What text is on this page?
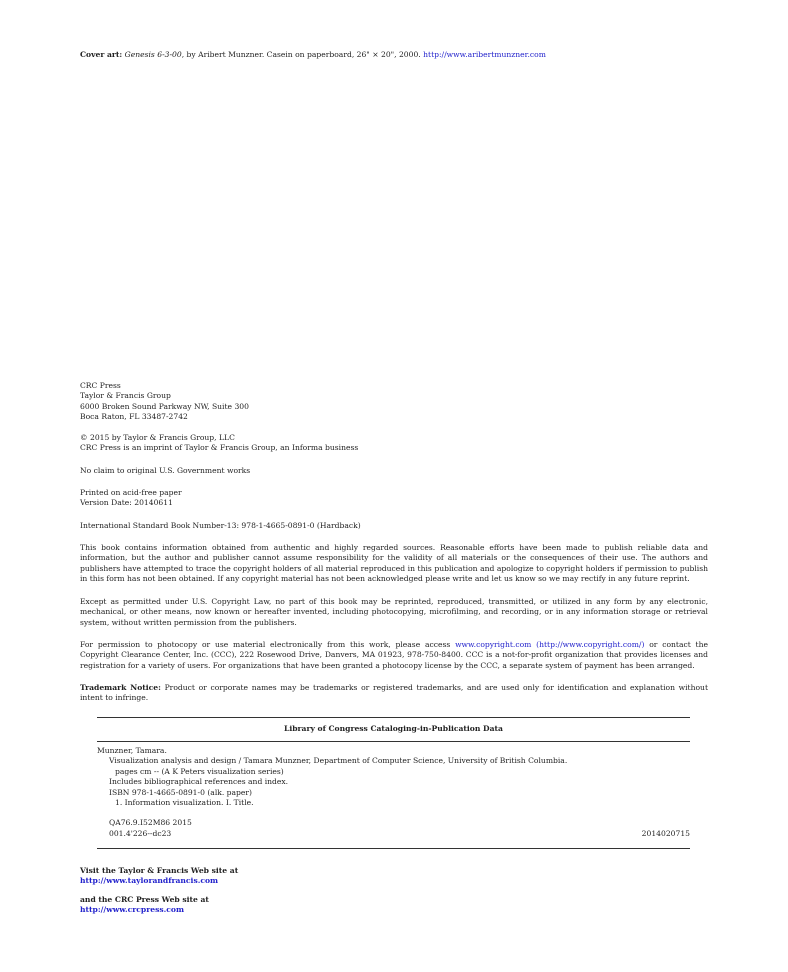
Cover art: Genesis 6-3-00, by Aribert Munzner. Casein on paperboard, 26" × 20", 2000. http://www.aribertmunzner.com

CRC Press

Taylor & Francis Group

6000 Broken Sound Parkway NW, Suite 300

Boca Raton, FL 33487-2742

© 2015 by Taylor & Francis Group, LLC

CRC Press is an imprint of Taylor & Francis Group, an Informa business

No claim to original U.S. Government works

Printed on acid-free paper

Version Date: 20140611

International Standard Book Number-13: 978-1-4665-0891-0 (Hardback)

This book contains information obtained from authentic and highly regarded sources. Reasonable efforts have been made to publish reliable data and information, but the author and publisher cannot assume responsibility for the validity of all materials or the consequences of their use. The authors and publishers have attempted to trace the copyright holders of all material reproduced in this publication and apologize to copyright holders if permission to publish in this form has not been obtained. If any copyright material has not been acknowledged please write and let us know so we may rectify in any future reprint.

Except as permitted under U.S. Copyright Law, no part of this book may be reprinted, reproduced, transmitted, or utilized in any form by any electronic, mechanical, or other means, now known or hereafter invented, including photocopying, microfilming, and recording, or in any information storage or retrieval system, without written permission from the publishers.

For permission to photocopy or use material electronically from this work, please access www.copyright.com (http://www.copyright.com/) or contact the Copyright Clearance Center, Inc. (CCC), 222 Rosewood Drive, Danvers, MA 01923, 978-750-8400. CCC is a not-for-profit organization that provides licenses and registration for a variety of users. For organizations that have been granted a photocopy license by the CCC, a separate system of payment has been arranged.

Trademark Notice: Product or corporate names may be trademarks or registered trademarks, and are used only for identification and explanation without intent to infringe.

Library of Congress Cataloging-in-Publication Data
Munzner, Tamara.
Visualization analysis and design / Tamara Munzner, Department of Computer Science, University of British Columbia.
pages cm -- (A K Peters visualization series)
Includes bibliographical references and index.
ISBN 978-1-4665-0891-0 (alk. paper)
1. Information visualization. I. Title.
QA76.9.I52M86 2015
001.4'226--dc23	2014020715

Visit the Taylor & Francis Web site at

http://www.taylorandfrancis.com

and the CRC Press Web site at

http://www.crcpress.com
